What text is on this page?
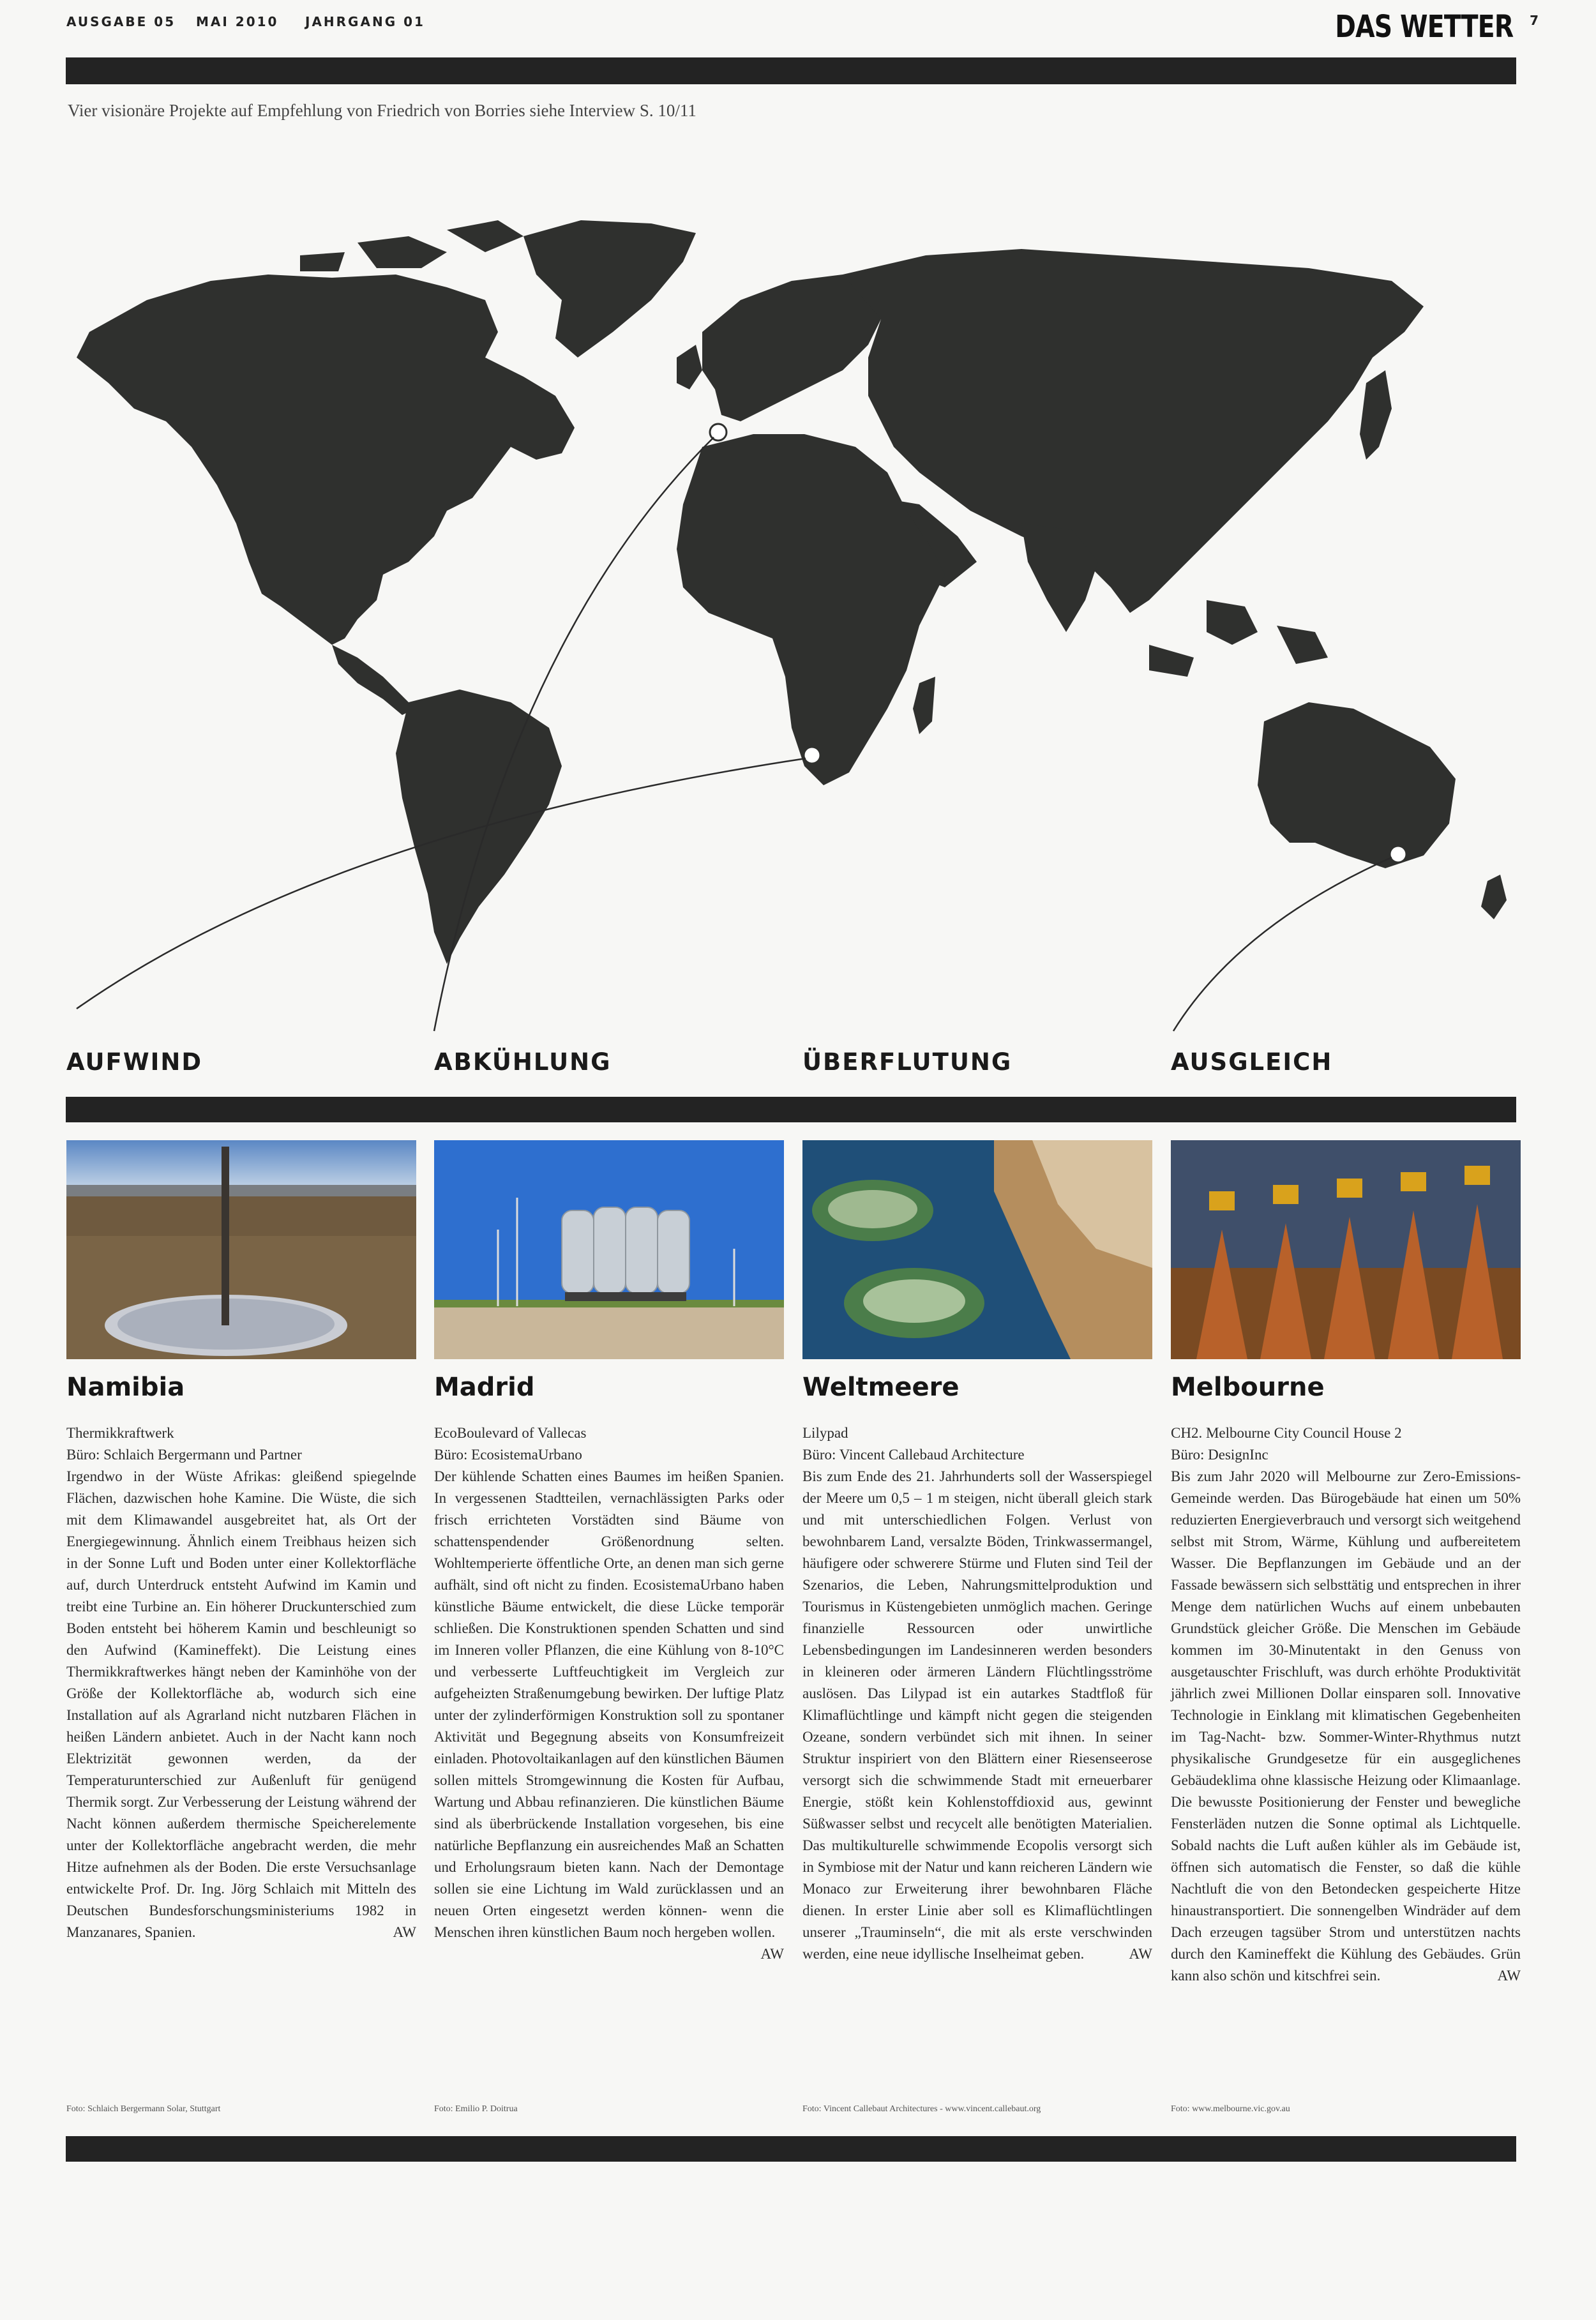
AUSGABE 05 MAI 2010 JAHRGANG 01	DAS WETTER 7
Vier visionäre Projekte auf Empfehlung von Friedrich von Borries siehe Interview S. 10/11
AUFWIND	ABKÜHLUNG	ÜBERFLUTUNG	AUSGLEICH
Namibia	Madrid	Weltmeere	Melbourne

Thermikkraftwerk

Büro: Schlaich Bergermann und Partner

Irgendwo in der Wüste Afrikas: gleißend spiegelnde Flächen, dazwischen hohe Kamine. Die Wüste, die sich mit dem Klimawandel ausgebreitet hat, als Ort der Energiegewinnung. Ähnlich einem Treibhaus heizen sich in der Sonne Luft und Boden unter einer Kollektorfläche auf, durch Unterdruck entsteht Aufwind im Kamin und treibt eine Turbine an. Ein höherer Druckunterschied zum Boden entsteht bei höherem Kamin und beschleunigt so den Aufwind (Kamineffekt). Die Leistung eines Thermikkraftwerkes hängt neben der Kaminhöhe von der Größe der Kollektorfläche ab, wodurch sich eine Installation auf als Agrarland nicht nutzbaren Flächen in heißen Ländern anbietet. Auch in der Nacht kann noch Elektrizität gewonnen werden, da der Temperaturunterschied zur Außenluft für genügend Thermik sorgt. Zur Verbesserung der Leistung während der Nacht können außerdem thermische Speicherelemente unter der Kollektorfläche angebracht werden, die mehr Hitze aufnehmen als der Boden. Die erste Versuchsanlage entwickelte Prof. Dr. Ing. Jörg Schlaich mit Mitteln des Deutschen Bundesforschungsministeriums 1982 in Manzanares, Spanien.	AW

EcoBoulevard of Vallecas

Büro: EcosistemaUrbano

Der kühlende Schatten eines Baumes im heißen Spanien. In vergessenen Stadtteilen, vernachlässigten Parks oder frisch errichteten Vorstädten sind Bäume von schattenspendender Größenordnung selten. Wohltemperierte öffentliche Orte, an denen man sich gerne aufhält, sind oft nicht zu finden. EcosistemaUrbano haben künstliche Bäume entwickelt, die diese Lücke temporär schließen. Die Konstruktionen spenden Schatten und sind im Inneren voller Pflanzen, die eine Kühlung von 8-10°C und verbesserte Luftfeuchtigkeit im Vergleich zur aufgeheizten Straßenumgebung bewirken. Der luftige Platz unter der zylinderförmigen Konstruktion soll zu spontaner Aktivität und Begegnung abseits von Konsumfreizeit einladen. Photovoltaikanlagen auf den künstlichen Bäumen sollen mittels Stromgewinnung die Kosten für Aufbau, Wartung und Abbau refinanzieren. Die künstlichen Bäume sind als überbrückende Installation vorgesehen, bis eine natürliche Bepflanzung ein ausreichendes Maß an Schatten und Erholungsraum bieten kann. Nach der Demontage sollen sie eine Lichtung im Wald zurücklassen und an neuen Orten eingesetzt werden können- wenn die Menschen ihren künstlichen Baum noch hergeben wollen.
AW

Lilypad

Büro: Vincent Callebaud Architecture

Bis zum Ende des 21. Jahrhunderts soll der Wasserspiegel der Meere um 0,5 – 1 m steigen, nicht überall gleich stark und mit unterschiedlichen Folgen. Verlust von bewohnbarem Land, versalzte Böden, Trinkwassermangel, häufigere oder schwerere Stürme und Fluten sind Teil der Szenarios, die Leben, Nahrungsmittelproduktion und Tourismus in Küstengebieten unmöglich machen. Geringe finanzielle Ressourcen oder unwirtliche Lebensbedingungen im Landesinneren werden besonders in kleineren oder ärmeren Ländern Flüchtlingsströme auslösen. Das Lilypad ist ein autarkes Stadtfloß für Klimaflüchtlinge und kämpft nicht gegen die steigenden Ozeane, sondern verbündet sich mit ihnen. In seiner Struktur inspiriert von den Blättern einer Riesenseerose versorgt sich die schwimmende Stadt mit erneuerbarer Energie, stößt kein Kohlenstoffdioxid aus, gewinnt Süßwasser selbst und recycelt alle benötigten Materialien. Das multikulturelle schwimmende Ecopolis versorgt sich in Symbiose mit der Natur und kann reicheren Ländern wie Monaco zur Erweiterung ihrer bewohnbaren Fläche dienen. In erster Linie aber soll es Klimaflüchtlingen unserer „Trauminseln“, die mit als erste verschwinden werden, eine neue idyllische Inselheimat geben.	AW

CH2. Melbourne City Council House 2

Büro: DesignInc

Bis zum Jahr 2020 will Melbourne zur Zero-Emissions-Gemeinde werden. Das Bürogebäude hat einen um 50% reduzierten Energieverbrauch und versorgt sich weitgehend selbst mit Strom, Wärme, Kühlung und aufbereitetem Wasser. Die Bepflanzungen im Gebäude und an der Fassade bewässern sich selbsttätig und entsprechen in ihrer Menge dem natürlichen Wuchs auf einem unbebauten Grundstück gleicher Größe. Die Menschen im Gebäude kommen im 30-Minutentakt in den Genuss von ausgetauschter Frischluft, was durch erhöhte Produktivität jährlich zwei Millionen Dollar einsparen soll. Innovative Technologie in Einklang mit klimatischen Gegebenheiten im Tag-Nacht- bzw. Sommer-Winter-Rhythmus nutzt physikalische Grundgesetze für ein ausgeglichenes Gebäudeklima ohne klassische Heizung oder Klimaanlage. Die bewusste Positionierung der Fenster und bewegliche Fensterläden nutzen die Sonne optimal als Lichtquelle. Sobald nachts die Luft außen kühler als im Gebäude ist, öffnen sich automatisch die Fenster, so daß die kühle Nachtluft die von den Betondecken gespeicherte Hitze hinaustransportiert. Die sonnengelben Windräder auf dem Dach erzeugen tagsüber Strom und unterstützen nachts durch den Kamineffekt die Kühlung des Gebäudes. Grün kann also schön und kitschfrei sein.	AW
Foto: Schlaich Bergermann Solar, Stuttgart	Foto: Emilio P. Doitrua	Foto: Vincent Callebaut Architectures - www.vincent.callebaut.org	Foto: www.melbourne.vic.gov.au
